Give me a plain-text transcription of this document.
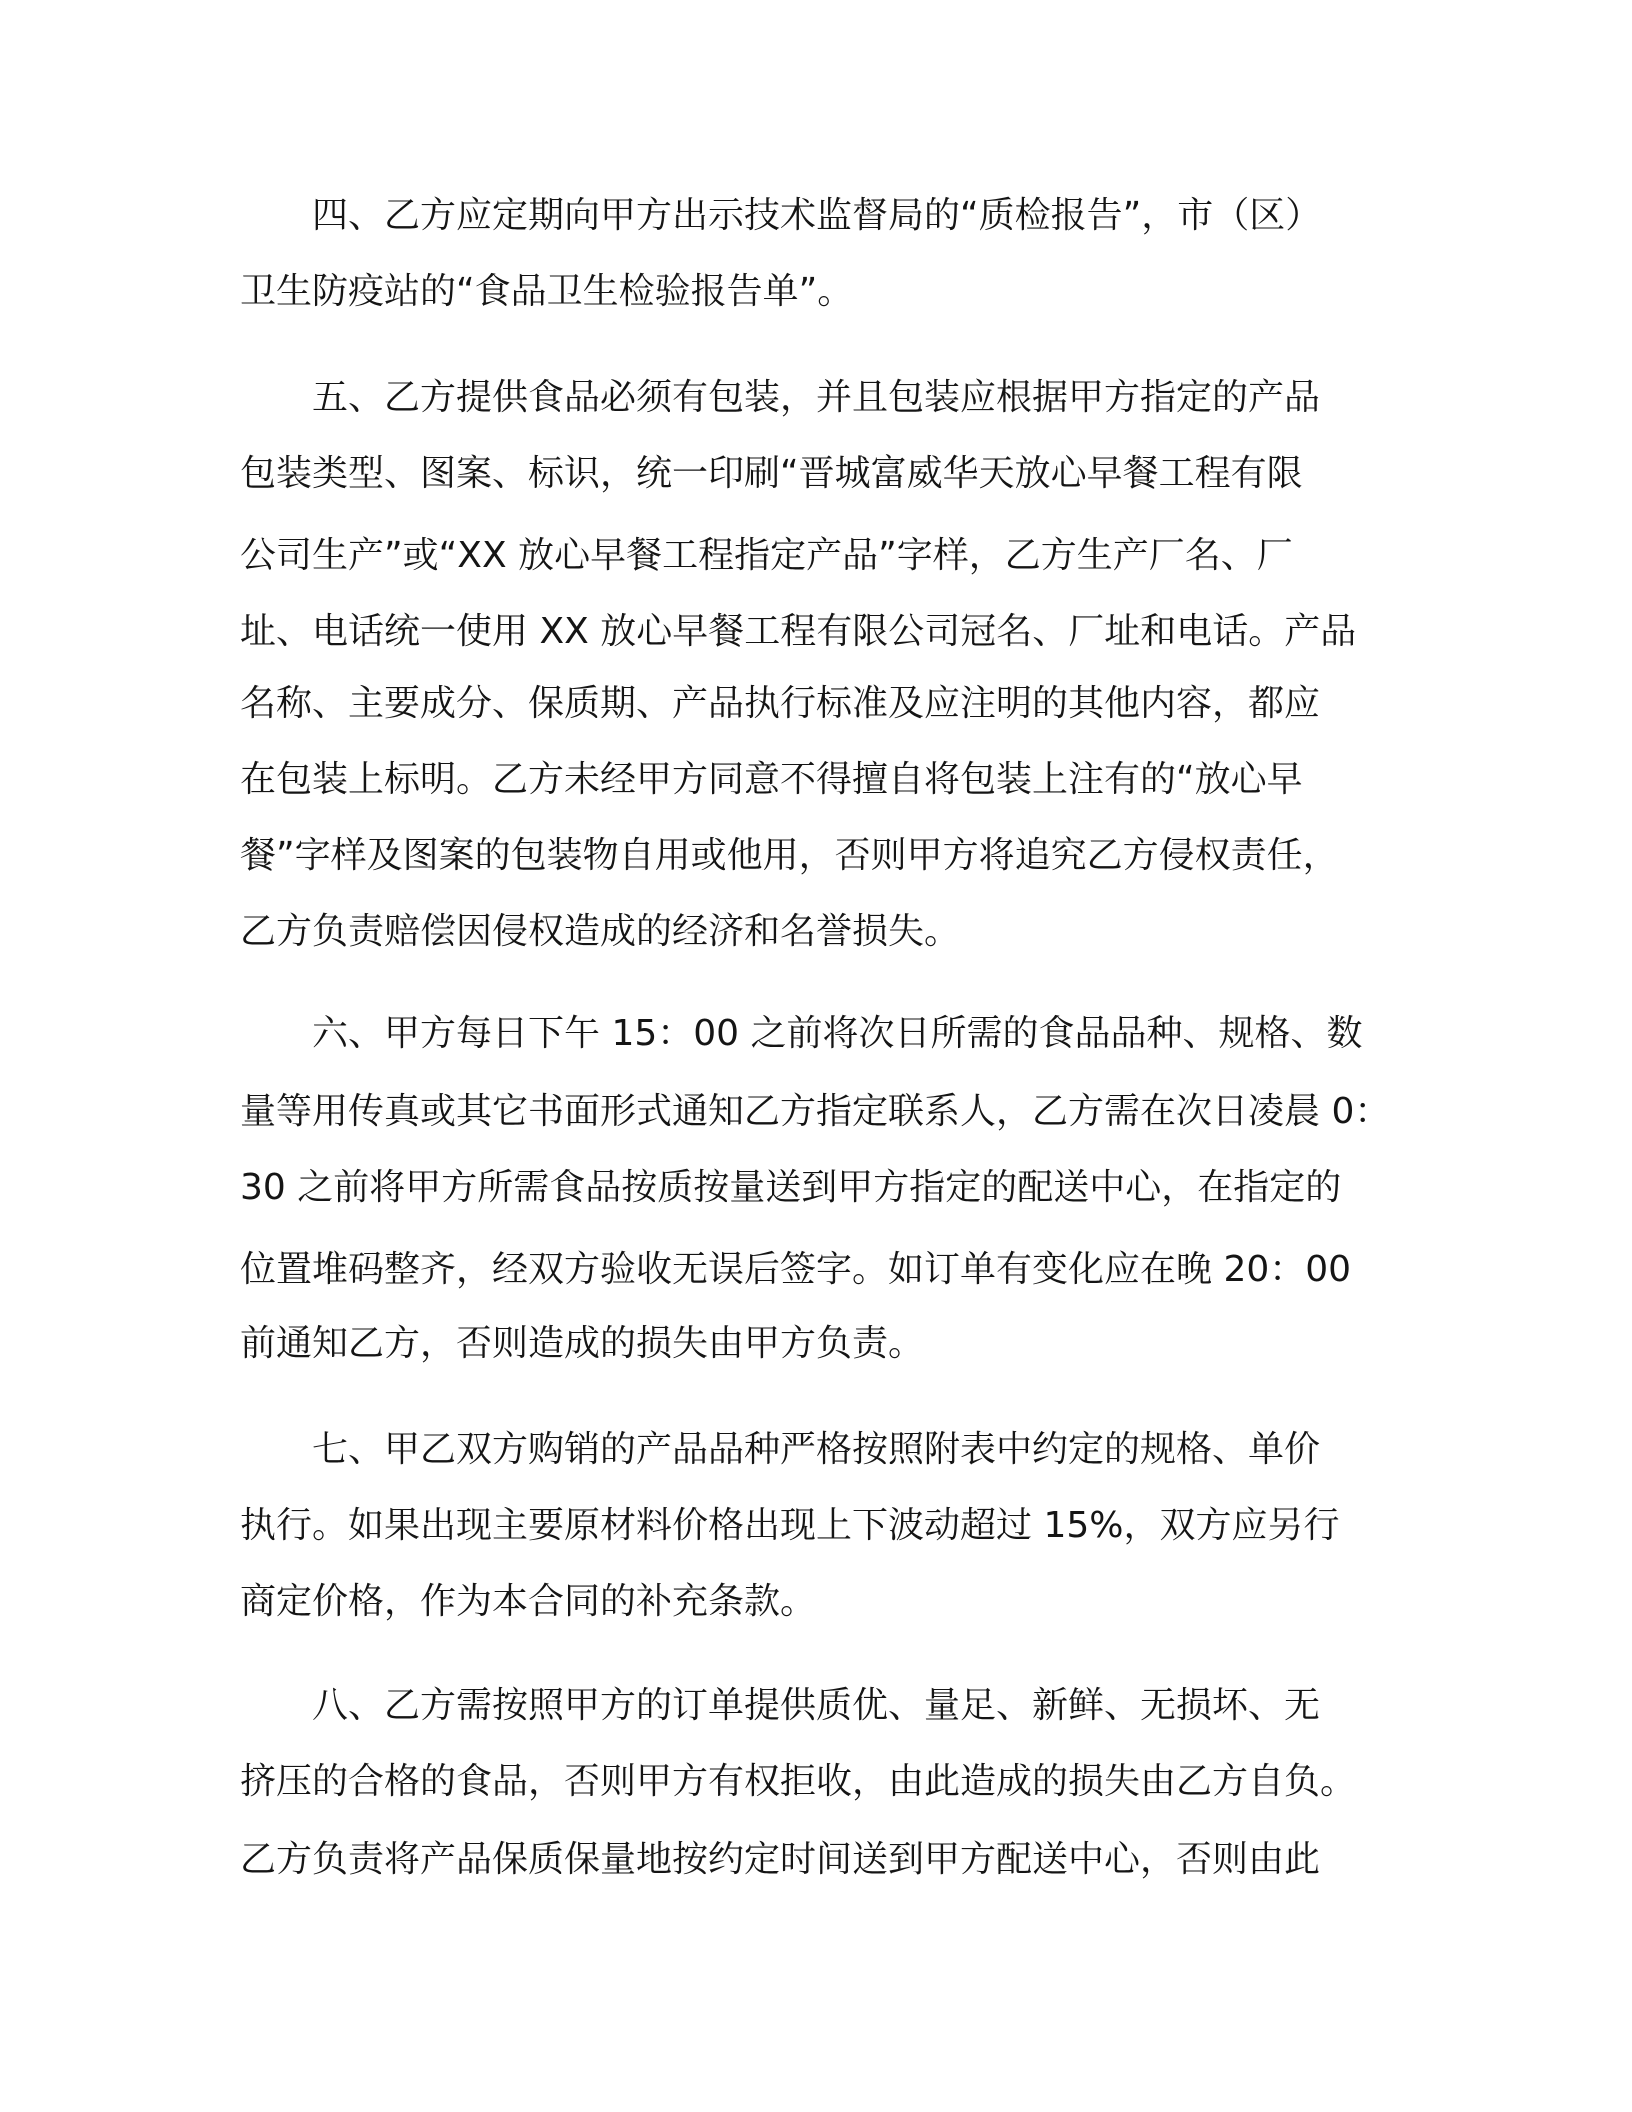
四、乙方应定期向甲方出示技术监督局的“质检报告”，市（区）

卫生防疫站的“食品卫生检验报告单”。

五、乙方提供食品必须有包装，并且包装应根据甲方指定的产品

包装类型、图案、标识，统一印刷“晋城富威华天放心早餐工程有限

公司生产”或“XX 放心早餐工程指定产品”字样，乙方生产厂名、厂

址、电话统一使用 XX 放心早餐工程有限公司冠名、厂址和电话。产品

名称、主要成分、保质期、产品执行标准及应注明的其他内容，都应

在包装上标明。乙方未经甲方同意不得擅自将包装上注有的“放心早

餐”字样及图案的包装物自用或他用，否则甲方将追究乙方侵权责任，

乙方负责赔偿因侵权造成的经济和名誉损失。

六、甲方每日下午 15：00 之前将次日所需的食品品种、规格、数

量等用传真或其它书面形式通知乙方指定联系人，乙方需在次日凌晨 0：

30 之前将甲方所需食品按质按量送到甲方指定的配送中心，在指定的

位置堆码整齐，经双方验收无误后签字。如订单有变化应在晚 20：00

前通知乙方，否则造成的损失由甲方负责。

七、甲乙双方购销的产品品种严格按照附表中约定的规格、单价

执行。如果出现主要原材料价格出现上下波动超过 15%，双方应另行

商定价格，作为本合同的补充条款。

八、乙方需按照甲方的订单提供质优、量足、新鲜、无损坏、无

挤压的合格的食品，否则甲方有权拒收，由此造成的损失由乙方自负。

乙方负责将产品保质保量地按约定时间送到甲方配送中心，否则由此
